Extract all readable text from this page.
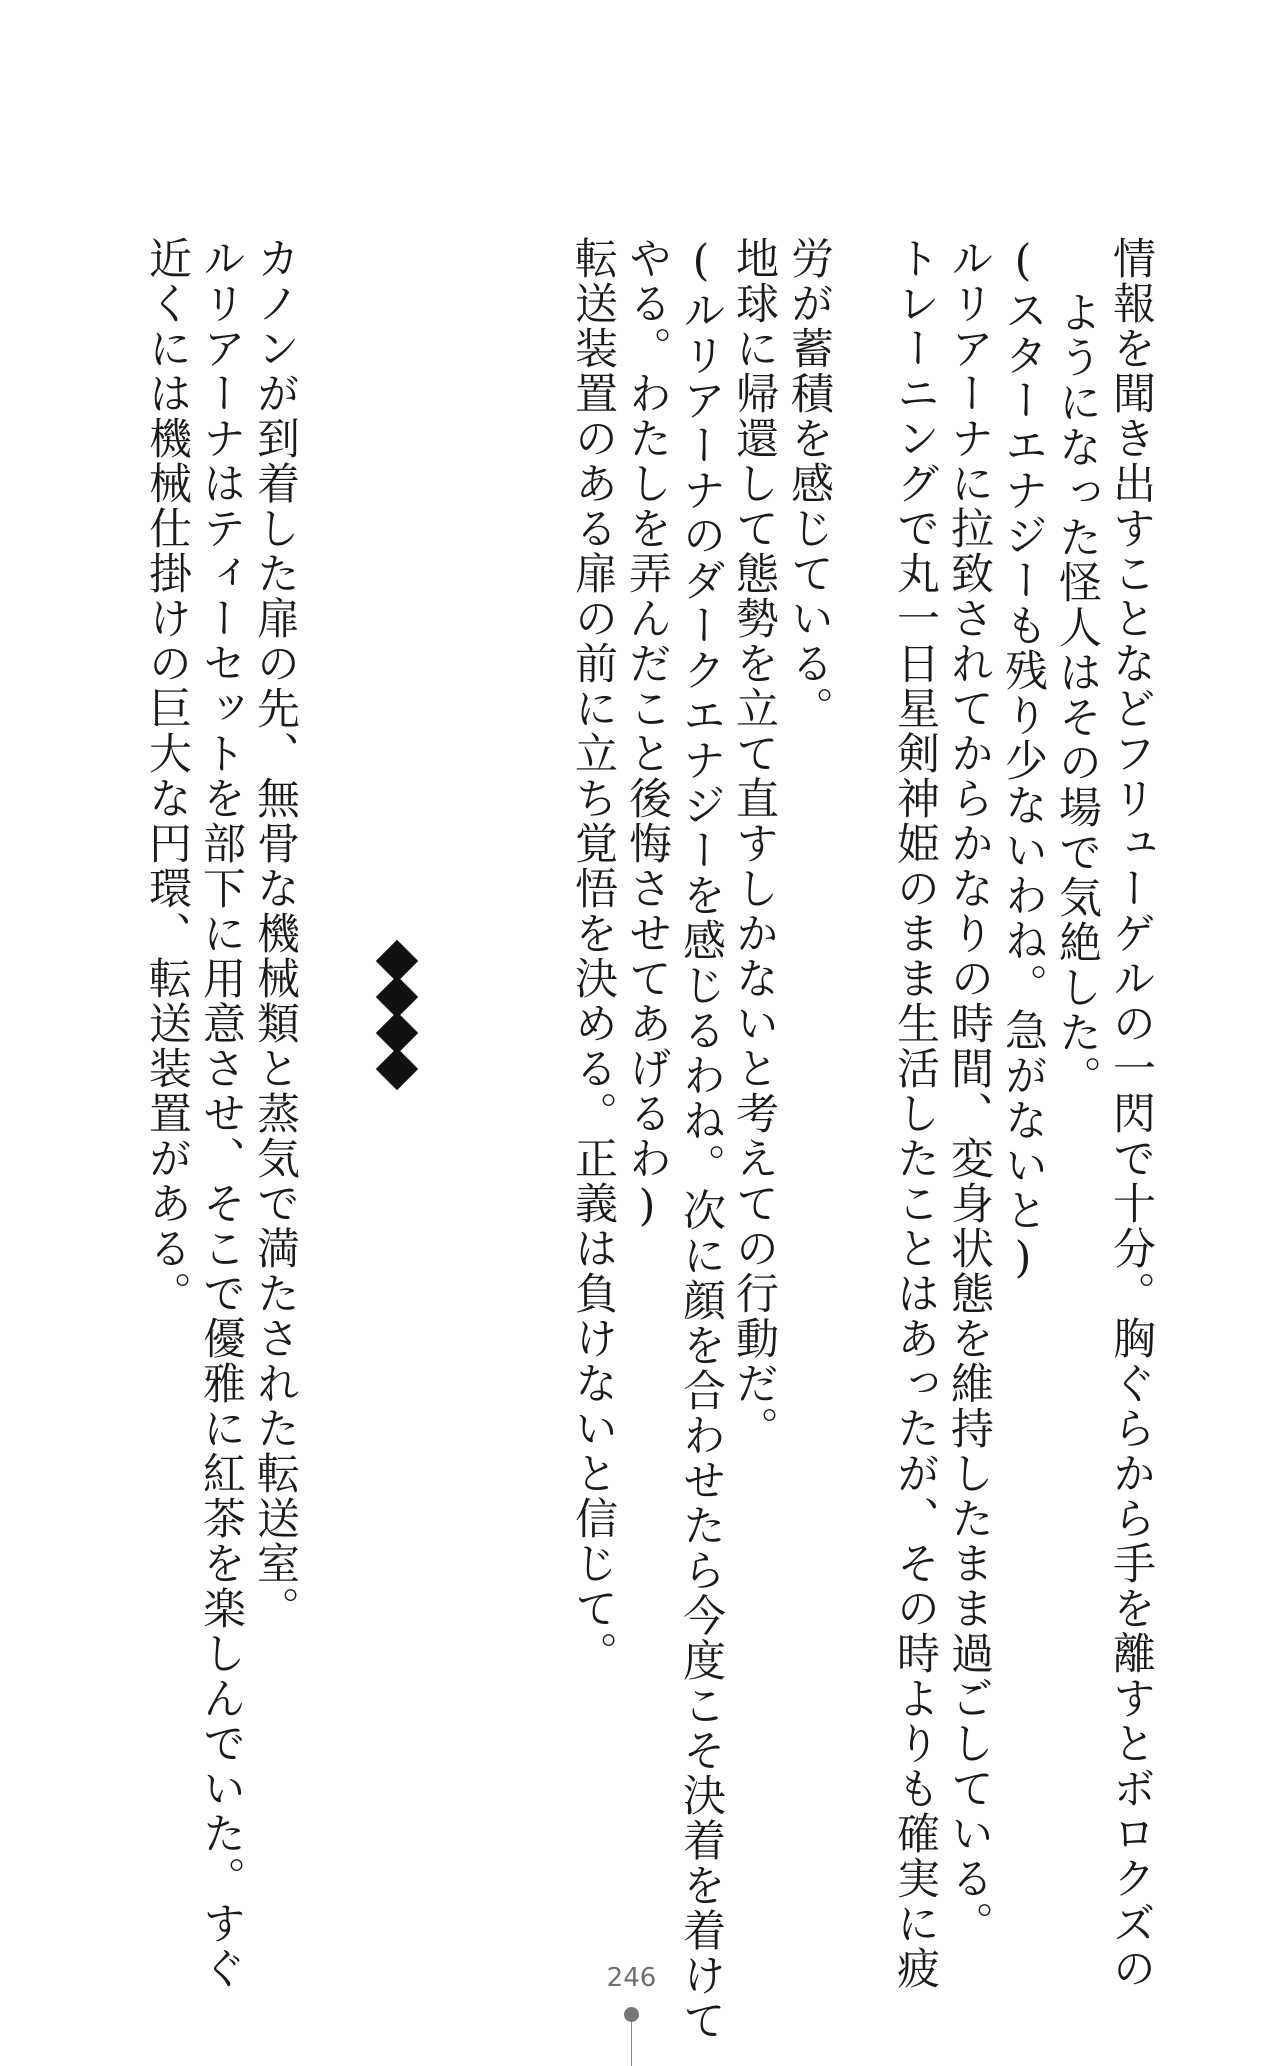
情報を聞き出すことなどフリューゲルの一閃で十分。胸ぐらから手を離すとボロクズの
ようになった怪人はその場で気絶した。
(スターエナジーも残り少ないわね。急がないと)
ルリアーナに拉致されてからかなりの時間、変身状態を維持したまま過ごしている。
トレーニングで丸一日星剣神姫のまま生活したことはあったが、その時よりも確実に疲
労が蓄積を感じている。
地球に帰還して態勢を立て直すしかないと考えての行動だ。
(ルリアーナのダークエナジーを感じるわね。次に顔を合わせたら今度こそ決着を着けて
やる。わたしを弄んだこと後悔させてあげるわ)
転送装置のある扉の前に立ち覚悟を決める。正義は負けないと信じて。
カノンが到着した扉の先、無骨な機械類と蒸気で満たされた転送室。
ルリアーナはティーセットを部下に用意させ、そこで優雅に紅茶を楽しんでいた。すぐ
近くには機械仕掛けの巨大な円環、転送装置がある。
246
